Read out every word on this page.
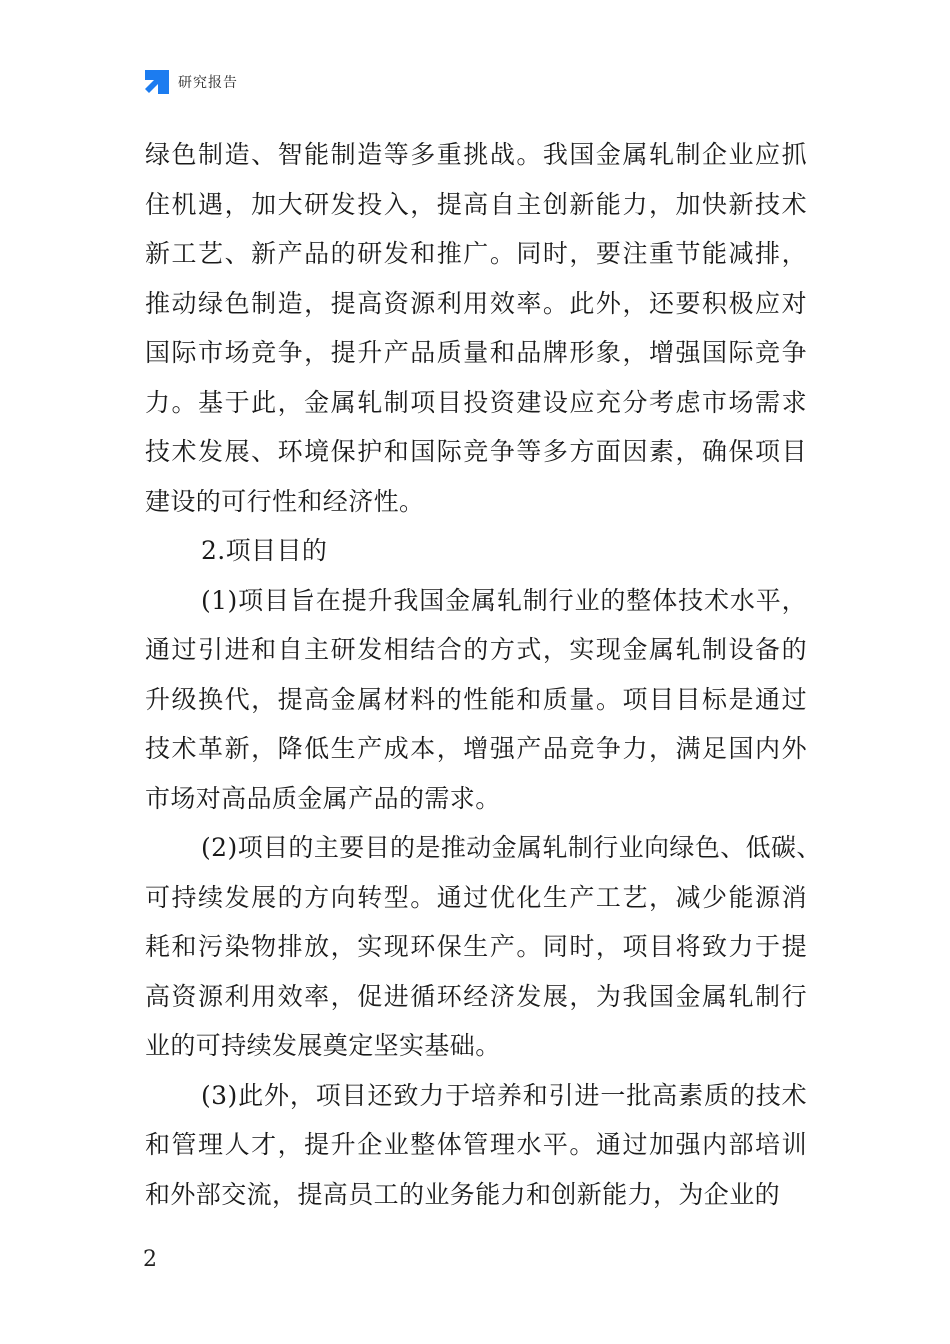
研究报告
绿色制造、智能制造等多重挑战。我国金属轧制企业应抓
住机遇，加大研发投入，提高自主创新能力，加快新技术
新工艺、新产品的研发和推广。同时，要注重节能减排，
推动绿色制造，提高资源利用效率。此外，还要积极应对
国际市场竞争，提升产品质量和品牌形象，增强国际竞争
力。基于此，金属轧制项目投资建设应充分考虑市场需求
技术发展、环境保护和国际竞争等多方面因素，确保项目
建设的可行性和经济性。
2.项目目的
(1)项目旨在提升我国金属轧制行业的整体技术水平，
通过引进和自主研发相结合的方式，实现金属轧制设备的
升级换代，提高金属材料的性能和质量。项目目标是通过
技术革新，降低生产成本，增强产品竞争力，满足国内外
市场对高品质金属产品的需求。
(2)项目的主要目的是推动金属轧制行业向绿色、低碳、
可持续发展的方向转型。通过优化生产工艺，减少能源消
耗和污染物排放，实现环保生产。同时，项目将致力于提
高资源利用效率，促进循环经济发展，为我国金属轧制行
业的可持续发展奠定坚实基础。
(3)此外，项目还致力于培养和引进一批高素质的技术
和管理人才，提升企业整体管理水平。通过加强内部培训
和外部交流，提高员工的业务能力和创新能力，为企业的
2
